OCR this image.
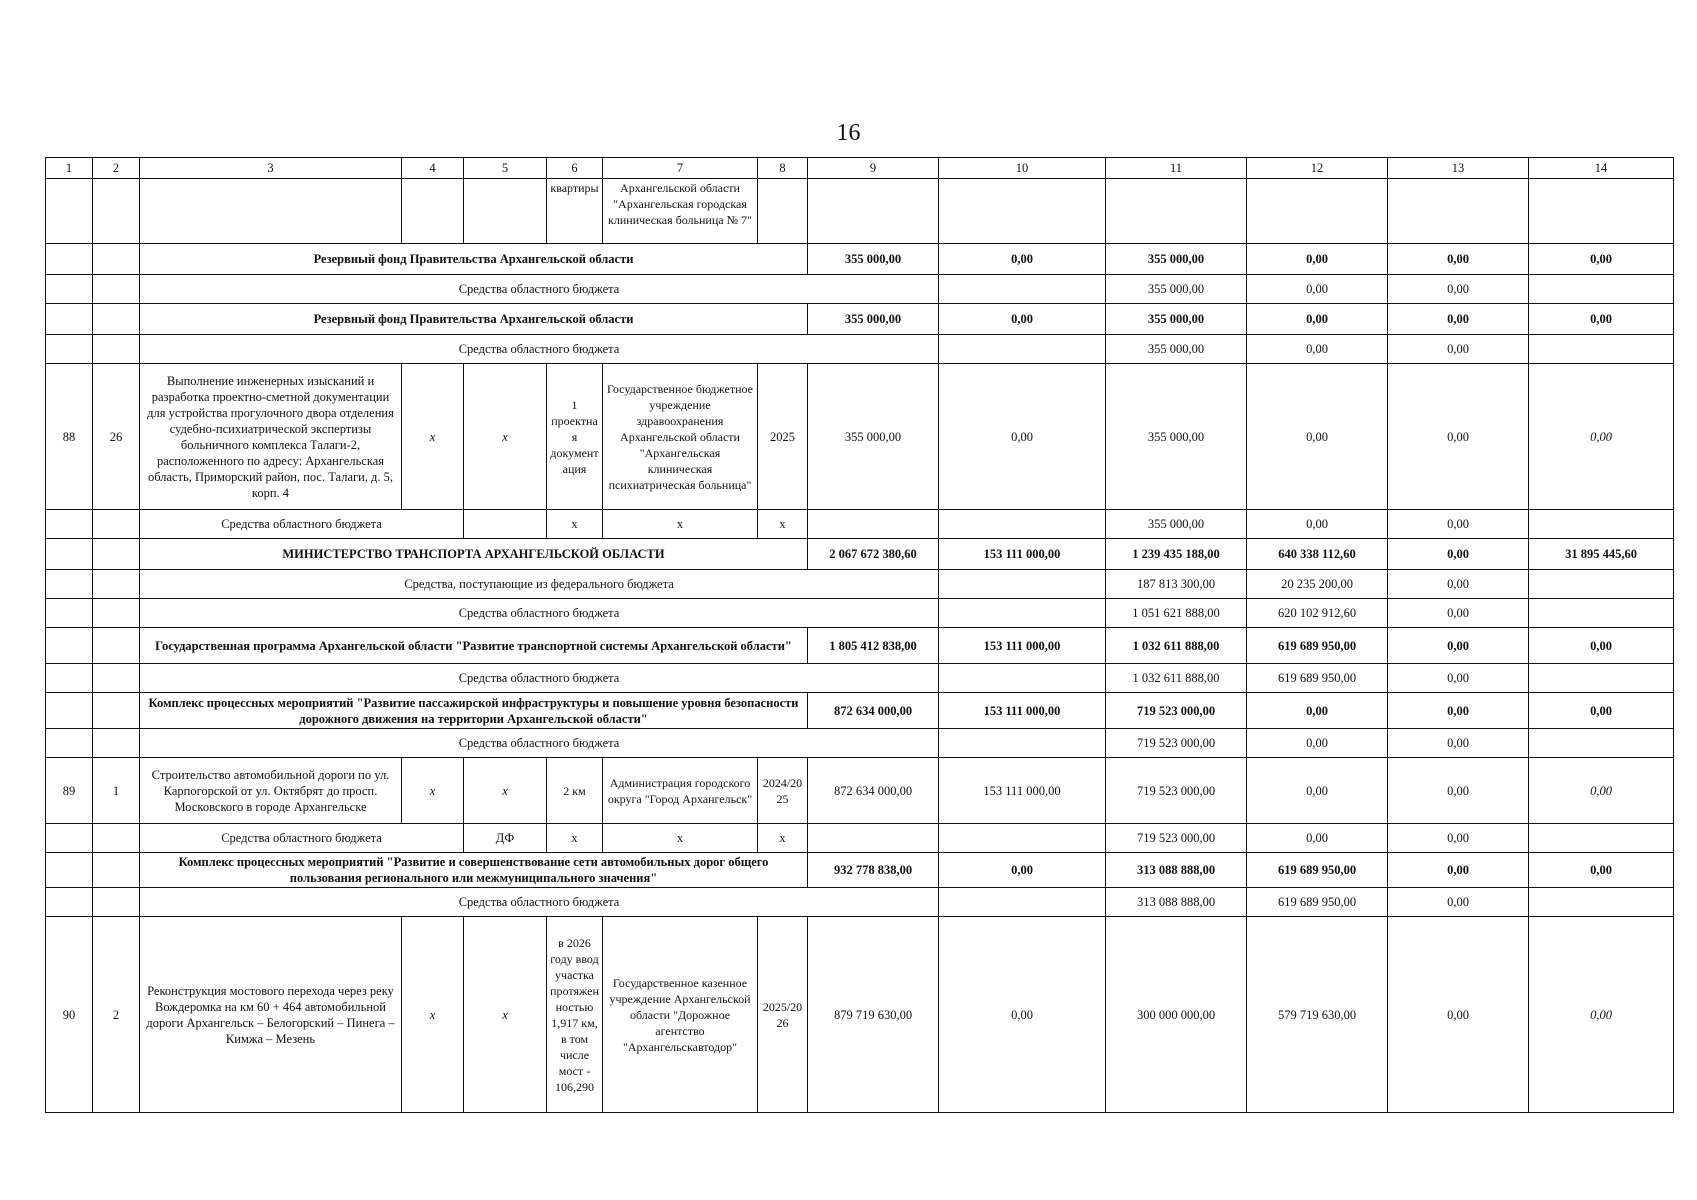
16
1	2	3	4	5	6	7	8	9	10	11	12	13	14
					квартиры	Архангельской области "Архангельская городская клиническая больница № 7"							
		Резервный фонд Правительства Архангельской области						355 000,00	0,00	355 000,00	0,00	0,00	0,00
		Средства областного бюджета								355 000,00	0,00	0,00	
		Резервный фонд Правительства Архангельской области						355 000,00	0,00	355 000,00	0,00	0,00	0,00
		Средства областного бюджета								355 000,00	0,00	0,00	
88	26	Выполнение инженерных изысканий и разработка проектно-сметной документации для устройства прогулочного двора отделения судебно-психиатрической экспертизы больничного комплекса Талаги-2, расположенного по адресу: Архангельская область, Приморский район, пос. Талаги, д. 5, корп. 4	х	х	1 проектная документация	Государственное бюджетное учреждение здравоохранения Архангельской области "Архангельская клиническая психиатрическая больница"	2025	355 000,00	0,00	355 000,00	0,00	0,00	0,00
		Средства областного бюджета			х	х	х			355 000,00	0,00	0,00	
		МИНИСТЕРСТВО ТРАНСПОРТА АРХАНГЕЛЬСКОЙ ОБЛАСТИ						2 067 672 380,60	153 111 000,00	1 239 435 188,00	640 338 112,60	0,00	31 895 445,60
		Средства, поступающие из федерального бюджета								187 813 300,00	20 235 200,00	0,00	
		Средства областного бюджета								1 051 621 888,00	620 102 912,60	0,00	
		Государственная программа Архангельской области "Развитие транспортной системы Архангельской области"						1 805 412 838,00	153 111 000,00	1 032 611 888,00	619 689 950,00	0,00	0,00
		Средства областного бюджета								1 032 611 888,00	619 689 950,00	0,00	
		Комплекс процессных мероприятий "Развитие пассажирской инфраструктуры и повышение уровня безопасности дорожного движения на территории Архангельской области"						872 634 000,00	153 111 000,00	719 523 000,00	0,00	0,00	0,00
		Средства областного бюджета								719 523 000,00	0,00	0,00	
89	1	Строительство автомобильной дороги по ул. Карпогорской от ул. Октябрят до просп. Московского в городе Архангельске	х	х	2 км	Администрация городского округа "Город Архангельск"	2024/2025	872 634 000,00	153 111 000,00	719 523 000,00	0,00	0,00	0,00
		Средства областного бюджета		ДФ	х	х	х			719 523 000,00	0,00	0,00	
		Комплекс процессных мероприятий "Развитие и совершенствование сети автомобильных дорог общего пользования регионального или межмуниципального значения"						932 778 838,00	0,00	313 088 888,00	619 689 950,00	0,00	0,00
		Средства областного бюджета								313 088 888,00	619 689 950,00	0,00	
90	2	Реконструкция мостового перехода через реку Вождеромка на км 60 + 464 автомобильной дороги Архангельск – Белогорский – Пинега – Кимжа – Мезень	х	х	в 2026 году ввод участка протяженностью 1,917 км, в том числе мост - 106,290	Государственное казенное учреждение Архангельской области "Дорожное агентство "Архангельскавтодор"	2025/2026	879 719 630,00	0,00	300 000 000,00	579 719 630,00	0,00	0,00
